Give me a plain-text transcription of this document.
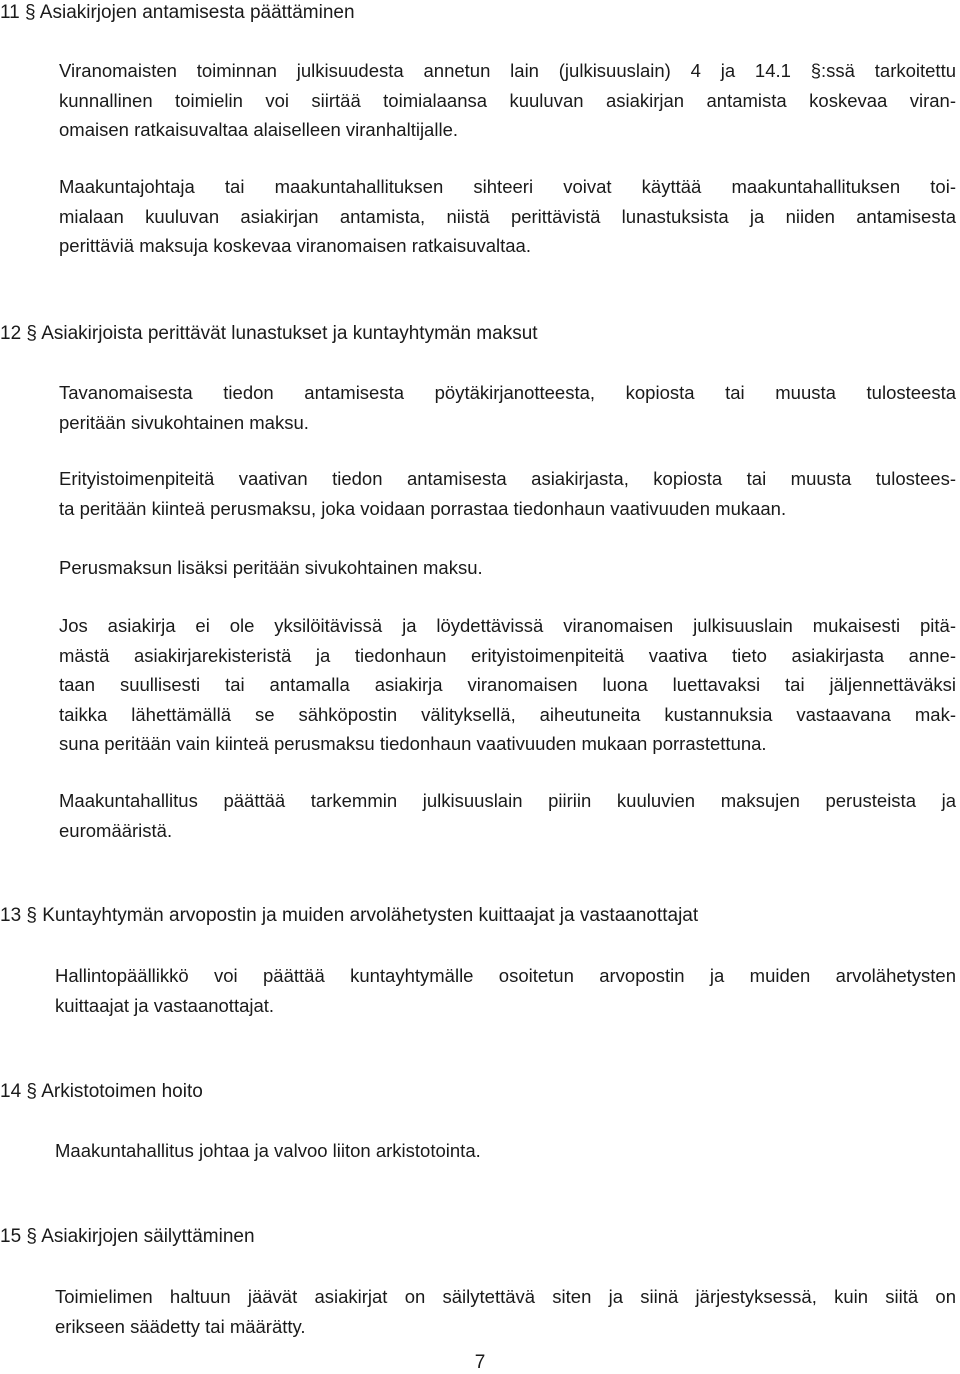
11 § Asiakirjojen antamisesta päättäminen

Viranomaisten toiminnan julkisuudesta annetun lain (julkisuuslain) 4 ja 14.1 §:ssä tarkoitettu
kunnallinen toimielin voi siirtää toimialaansa kuuluvan asiakirjan antamista koskevaa viran-
omaisen ratkaisuvaltaa alaiselleen viranhaltijalle.

Maakuntajohtaja tai maakuntahallituksen sihteeri voivat käyttää maakuntahallituksen toi-
mialaan kuuluvan asiakirjan antamista, niistä perittävistä lunastuksista ja niiden antamisesta
perittäviä maksuja koskevaa viranomaisen ratkaisuvaltaa.

12 § Asiakirjoista perittävät lunastukset ja kuntayhtymän maksut

Tavanomaisesta tiedon antamisesta pöytäkirjanotteesta, kopiosta tai muusta tulosteesta
peritään sivukohtainen maksu.

Erityistoimenpiteitä vaativan tiedon antamisesta asiakirjasta, kopiosta tai muusta tulostees-
ta peritään kiinteä perusmaksu, joka voidaan porrastaa tiedonhaun vaativuuden mukaan.

Perusmaksun lisäksi peritään sivukohtainen maksu.

Jos asiakirja ei ole yksilöitävissä ja löydettävissä viranomaisen julkisuuslain mukaisesti pitä-
mästä asiakirjarekisteristä ja tiedonhaun erityistoimenpiteitä vaativa tieto asiakirjasta anne-
taan suullisesti tai antamalla asiakirja viranomaisen luona luettavaksi tai jäljennettäväksi
taikka lähettämällä se sähköpostin välityksellä, aiheutuneita kustannuksia vastaavana mak-
suna peritään vain kiinteä perusmaksu tiedonhaun vaativuuden mukaan porrastettuna.

Maakuntahallitus päättää tarkemmin julkisuuslain piiriin kuuluvien maksujen perusteista ja
euromääristä.

13 § Kuntayhtymän arvopostin ja muiden arvolähetysten kuittaajat ja vastaanottajat

Hallintopäällikkö voi päättää kuntayhtymälle osoitetun arvopostin ja muiden arvolähetysten
kuittaajat ja vastaanottajat.

14 § Arkistotoimen hoito

Maakuntahallitus johtaa ja valvoo liiton arkistotointa.

15 § Asiakirjojen säilyttäminen

Toimielimen haltuun jäävät asiakirjat on säilytettävä siten ja siinä järjestyksessä, kuin siitä on
erikseen säädetty tai määrätty.

7
